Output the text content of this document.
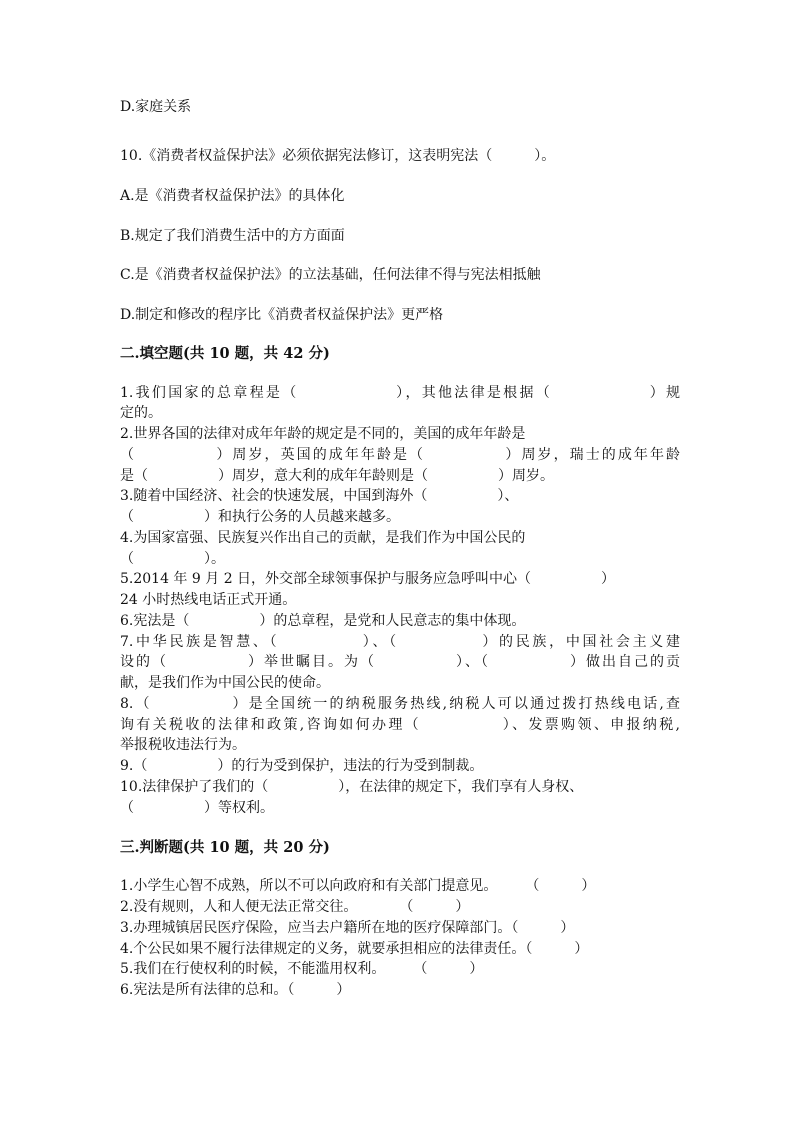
D.家庭关系
10.《消费者权益保护法》必须依据宪法修订，这表明宪法（　　　）。
A.是《消费者权益保护法》的具体化
B.规定了我们消费生活中的方方面面
C.是《消费者权益保护法》的立法基础，任何法律不得与宪法相抵触
D.制定和修改的程序比《消费者权益保护法》更严格
二.填空题(共 10 题，共 42 分)
1.我们国家的总章程是（　　　　　　），其他法律是根据（　　　　　　）规
定的。
2.世界各国的法律对成年年龄的规定是不同的，美国的成年年龄是
（　　　　　）周岁，英国的成年年龄是（　　　　　）周岁，瑞士的成年年龄
是（　　　　　）周岁，意大利的成年年龄则是（　　　　　）周岁。
3.随着中国经济、社会的快速发展，中国到海外（　　　　　）、
（　　　　　）和执行公务的人员越来越多。
4.为国家富强、民族复兴作出自己的贡献，是我们作为中国公民的
（　　　　　）。
5.2014 年 9 月 2 日，外交部全球领事保护与服务应急呼叫中心（　　　　　）
24 小时热线电话正式开通。
6.宪法是（　　　　　）的总章程，是党和人民意志的集中体现。
7.中华民族是智慧、（　　　　　）、（　　　　　）的民族，中国社会主义建
设的（　　　　　）举世瞩目。为（　　　　　）、（　　　　　）做出自己的贡
献，是我们作为中国公民的使命。
8.（　　　　　）是全国统一的纳税服务热线,纳税人可以通过拨打热线电话,查
询有关税收的法律和政策,咨询如何办理（　　　　　）、发票购领、申报纳税,
举报税收违法行为。
9.（　　　　　）的行为受到保护，违法的行为受到制裁。
10.法律保护了我们的（　　　　　），在法律的规定下，我们享有人身权、
（　　　　　）等权利。
三.判断题(共 10 题，共 20 分)
1.小学生心智不成熟，所以不可以向政府和有关部门提意见。　　　（　　　）
2.没有规则，人和人便无法正常交往。　　　　（　　　）
3.办理城镇居民医疗保险，应当去户籍所在地的医疗保障部门。（　　　）
4.个公民如果不履行法律规定的义务，就要承担相应的法律责任。（　　　）
5.我们在行使权利的时候，不能滥用权利。　　　（　　　）
6.宪法是所有法律的总和。（　　　）
